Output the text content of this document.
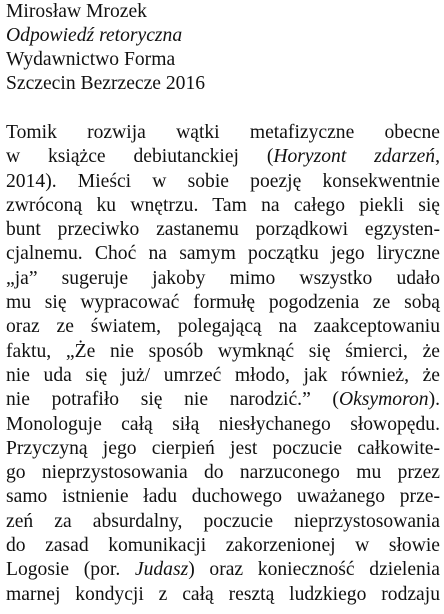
Mirosław Mrozek
Odpowiedź retoryczna
Wydawnictwo Forma
Szczecin Bezrzecze 2016
Tomik rozwija wątki metafizyczne obecne
w książce debiutanckiej (Horyzont zdarzeń,
2014). Mieści w sobie poezję konsekwentnie
zwróconą ku wnętrzu. Tam na całego piekli się
bunt przeciwko zastanemu porządkowi egzysten-
cjalnemu. Choć na samym początku jego liryczne
„ja” sugeruje jakoby mimo wszystko udało
mu się wypracować formułę pogodzenia ze sobą
oraz ze światem, polegającą na zaakceptowaniu
faktu, „Że nie sposób wymknąć się śmierci, że
nie uda się już/ umrzeć młodo, jak również, że
nie potrafiło się nie narodzić.” (Oksymoron).
Monologuje całą siłą niesłychanego słowopędu.
Przyczyną jego cierpień jest poczucie całkowite-
go nieprzystosowania do narzuconego mu przez
samo istnienie ładu duchowego uważanego prze-
zeń za absurdalny, poczucie nieprzystosowania
do zasad komunikacji zakorzenionej w słowie
Logosie (por. Judasz) oraz konieczność dzielenia
marnej kondycji z całą resztą ludzkiego rodzaju
